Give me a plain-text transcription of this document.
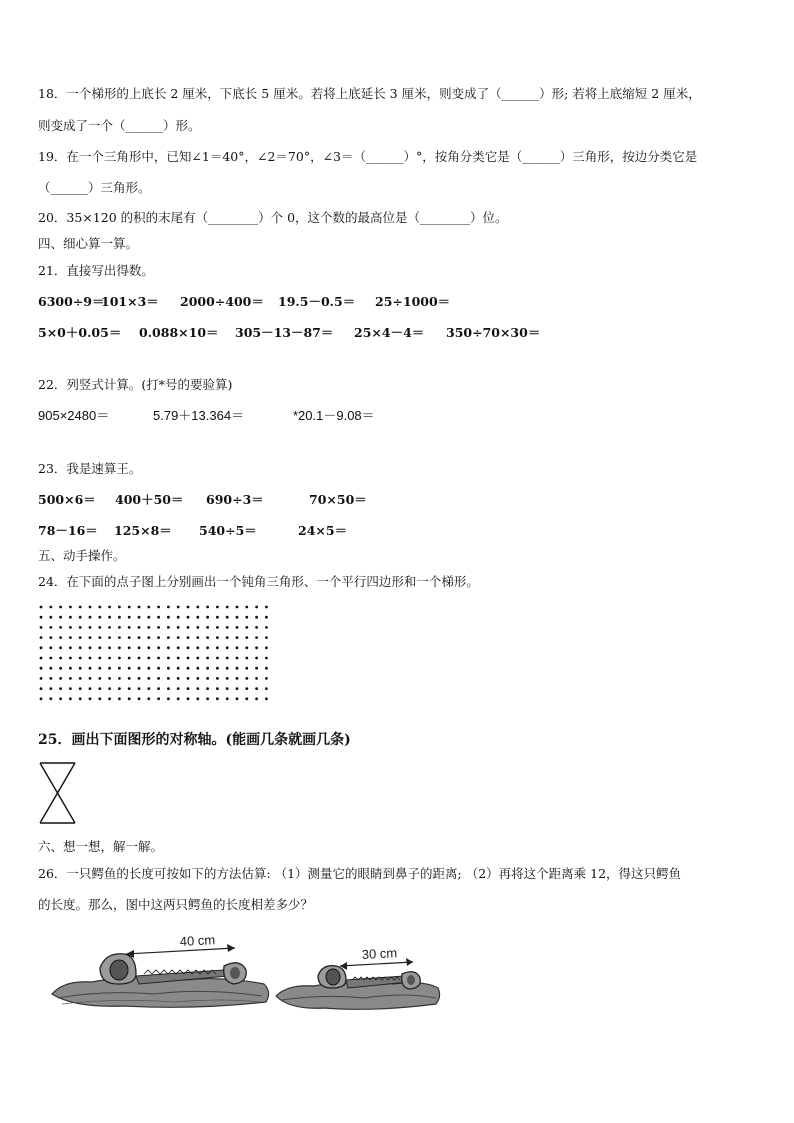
18．一个梯形的上底长 2 厘米，下底长 5 厘米。若将上底延长 3 厘米，则变成了（______）形; 若将上底缩短 2 厘米，
则变成了一个（______）形。
19．在一个三角形中，已知∠1＝40°，∠2＝70°，∠3＝（______）°，按角分类它是（______）三角形，按边分类它是
（______）三角形。
20．35×120 的积的末尾有（________）个 0，这个数的最高位是（________）位。
四、细心算一算。
21．直接写出得数。
6300÷9＝101×3＝ 2000÷400＝ 19.5－0.5＝ 25÷1000＝
5×0＋0.05＝ 0.088×10＝ 305－13－87＝ 25×4－4＝ 350÷70×30＝
22．列竖式计算。(打*号的要验算)
905×2480＝	5.79＋13.364＝	*20.1－9.08＝
23．我是速算王。
500×6＝ 400＋50＝ 690÷3＝	70×50＝
78－16＝ 125×8＝ 540÷5＝	24×5＝
五、动手操作。
24．在下面的点子图上分别画出一个钝角三角形、一个平行四边形和一个梯形。
25．画出下面图形的对称轴。(能画几条就画几条)
六、想一想，解一解。
26．一只鳄鱼的长度可按如下的方法估算: （1）测量它的眼睛到鼻子的距离; （2）再将这个距离乘 12，得这只鳄鱼
的长度。那么，图中这两只鳄鱼的长度相差多少？
40 cm
30 cm
